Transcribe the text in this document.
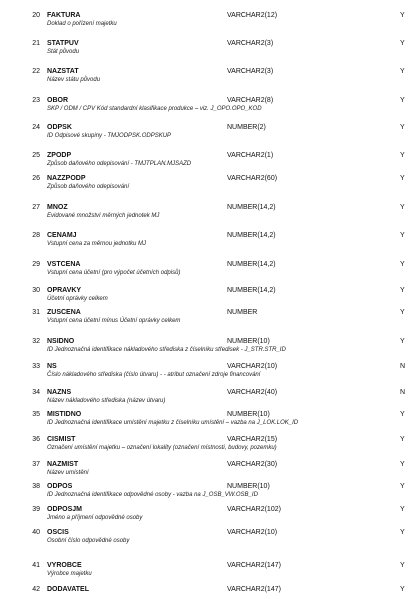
20 FAKTURA	VARCHAR2(12)	Y
Doklad o pořízení majetku
21 STATPUV	VARCHAR2(3)	Y
Stát původu
22 NAZSTAT	VARCHAR2(3)	Y
Název státu původu
23 OBOR	VARCHAR2(8)	Y
SKP / ODM / CPV Kód standardní klasifikace produkce – viz. J_OPO.OPO_KOD
24 ODPSK	NUMBER(2)	Y
ID Odpisové skupiny - TMJODPSK.ODPSKUP
25 ZPODP	VARCHAR2(1)	Y
Způsob daňového odepisování - TMJTPLAN.MJSAZD
26 NAZZPODP	VARCHAR2(60)	Y
Způsob daňového odepisování
27 MNOZ	NUMBER(14,2)	Y
Evidované množství měrných jednotek MJ
28 CENAMJ	NUMBER(14,2)	Y
Vstupní cena za měrnou jednotku MJ
29 VSTCENA	NUMBER(14,2)	Y
Vstupní cena účetní (pro výpočet účetních odpisů)
30 OPRAVKY	NUMBER(14,2)	Y
Účetní oprávky celkem
31 ZUSCENA	NUMBER	Y
Vstupní cena účetní mínus Účetní oprávky celkem
32 NSIDNO	NUMBER(10)	Y
ID Jednoznačná identifikace nákladového střediska z číselníku středisek - J_STR.STR_ID
33 NS	VARCHAR2(10)	N
Číslo nákladového střediska (číslo útvaru) - - atribut označení zdroje financování
34 NAZNS	VARCHAR2(40)	N
Název nákladového střediska (název útvaru)
35 MISTIDNO	NUMBER(10)	Y
ID Jednoznačná identifikace umístění majetku z číselníku umístění – vazba na J_LOK.LOK_ID
36 CISMIST	VARCHAR2(15)	Y
Označení umístění majetku – označení lokality (označení místnosti, budovy, pozemku)
37 NAZMIST	VARCHAR2(30)	Y
Název umístění
38 ODPOS	NUMBER(10)	Y
ID Jednoznačná identifikace odpovědné osoby - vazba na J_OSB_VW.OSB_ID
39 ODPOSJM	VARCHAR2(102)	Y
Jméno a příjmení odpovědné osoby
40 OSCIS	VARCHAR2(10)	Y
Osobní číslo odpovědné osoby
41 VYROBCE	VARCHAR2(147)	Y
Výrobce majetku
42 DODAVATEL	VARCHAR2(147)	Y
